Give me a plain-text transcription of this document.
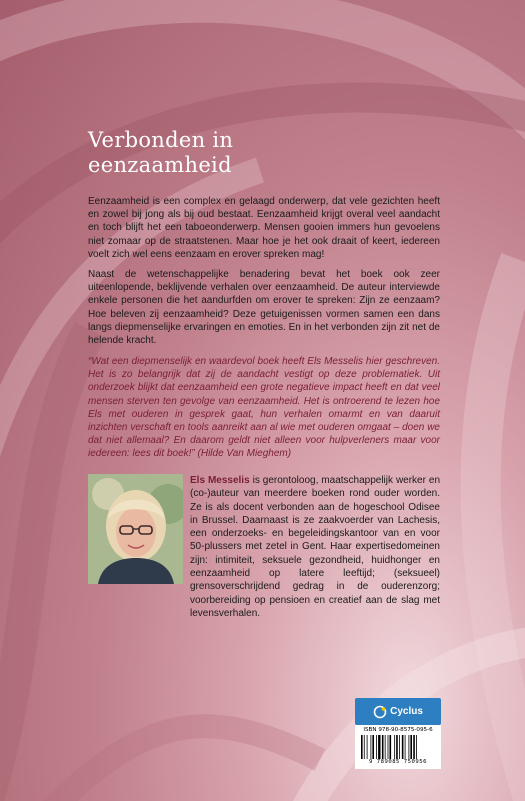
Verbonden in
eenzaamheid
Eenzaamheid is een complex en gelaagd onderwerp, dat vele gezichten heeft en zowel bij jong als bij oud bestaat. Eenzaamheid krijgt overal veel aandacht en toch blijft het een taboeonderwerp. Mensen gooien immers hun gevoelens niet zomaar op de straatstenen. Maar hoe je het ook draait of keert, iedereen voelt zich wel eens eenzaam en erover spreken mag!
Naast de wetenschappelijke benadering bevat het boek ook zeer uiteenlopende, beklijvende verhalen over eenzaamheid. De auteur interviewde enkele personen die het aandurfden om erover te spreken: Zijn ze eenzaam? Hoe beleven zij eenzaamheid? Deze getuigenissen vormen samen een dans langs diepmenselijke ervaringen en emoties. En in het verbonden zijn zit net de helende kracht.
“Wat een diepmenselijk en waardevol boek heeft Els Messelis hier geschreven. Het is zo belangrijk dat zij de aandacht vestigt op deze problematiek. Uit onderzoek blijkt dat eenzaamheid een grote negatieve impact heeft en dat veel mensen sterven ten gevolge van eenzaamheid. Het is ontroerend te lezen hoe Els met ouderen in gesprek gaat, hun verhalen omarmt en van daaruit inzichten verschaft en tools aanreikt aan al wie met ouderen omgaat – doen we dat niet allemaal? En daarom geldt niet alleen voor hulpverleners maar voor iedereen: lees dit boek!” (Hilde Van Mieghem)
Els Messelis is gerontoloog, maatschappelijk werker en (co-)auteur van meerdere boeken rond ouder worden. Ze is als docent verbonden aan de hogeschool Odisee in Brussel. Daarnaast is ze zaakvoerder van Lachesis, een onderzoeks- en begeleidingskantoor van en voor 50-plussers met zetel in Gent. Haar expertisedomeinen zijn: intimiteit, seksuele gezondheid, huidhonger en eenzaamheid op latere leeftijd; (seksueel) grensoverschrijdend gedrag in de ouderenzorg; voorbereiding op pensioen en creatief aan de slag met levensverhalen.
Cyclus
ISBN 978-90-8575-095-6
9 789085 750956
